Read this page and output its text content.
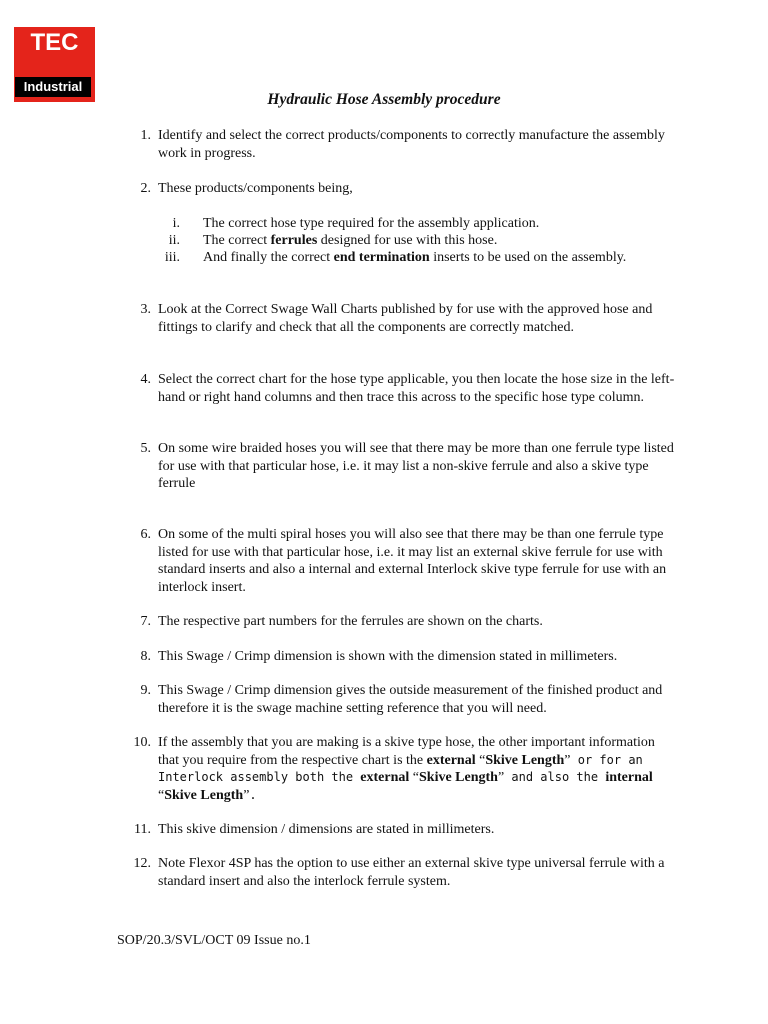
TEC
Industrial
Hydraulic Hose Assembly procedure
1. Identify and select the correct products/components to correctly manufacture the assembly work in progress.
2. These products/components being,
i. The correct hose type required for the assembly application.
ii. The correct ferrules designed for use with this hose.
iii. And finally the correct end termination inserts to be used on the assembly.
3. Look at the Correct Swage Wall Charts published by for use with the approved hose and fittings to clarify and check that all the components are correctly matched.
4. Select the correct chart for the hose type applicable, you then locate the hose size in the left-hand or right hand columns and then trace this across to the specific hose type column.
5. On some wire braided hoses you will see that there may be more than one ferrule type listed for use with that particular hose, i.e. it may list a non-skive ferrule and also a skive type ferrule
6. On some of the multi spiral hoses you will also see that there may be than one ferrule type listed for use with that particular hose, i.e. it may list an external skive ferrule for use with standard inserts and also a internal and external Interlock skive type ferrule for use with an interlock insert.
7. The respective part numbers for the ferrules are shown on the charts.
8. This Swage / Crimp dimension is shown with the dimension stated in millimeters.
9. This Swage / Crimp dimension gives the outside measurement of the finished product and therefore it is the swage machine setting reference that you will need.
10. If the assembly that you are making is a skive type hose, the other important information that you require from the respective chart is the external “Skive Length” or for an Interlock assembly both the external “Skive Length” and also the internal “Skive Length”.
11. This skive dimension / dimensions are stated in millimeters.
12. Note Flexor 4SP has the option to use either an external skive type universal ferrule with a standard insert and also the interlock ferrule system.

SOP/20.3/SVL/OCT 09 Issue no.1
